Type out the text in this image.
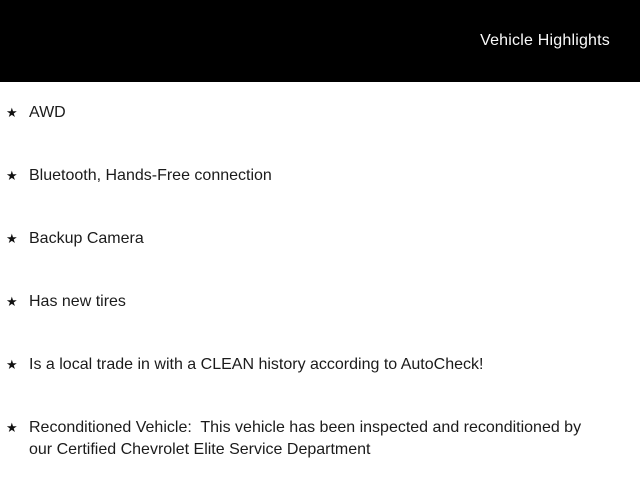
Vehicle Highlights
★ AWD
★ Bluetooth, Hands-Free connection
★ Backup Camera
★ Has new tires
★ Is a local trade in with a CLEAN history according to AutoCheck!
★ Reconditioned Vehicle:  This vehicle has been inspected and reconditioned by our Certified Chevrolet Elite Service Department
